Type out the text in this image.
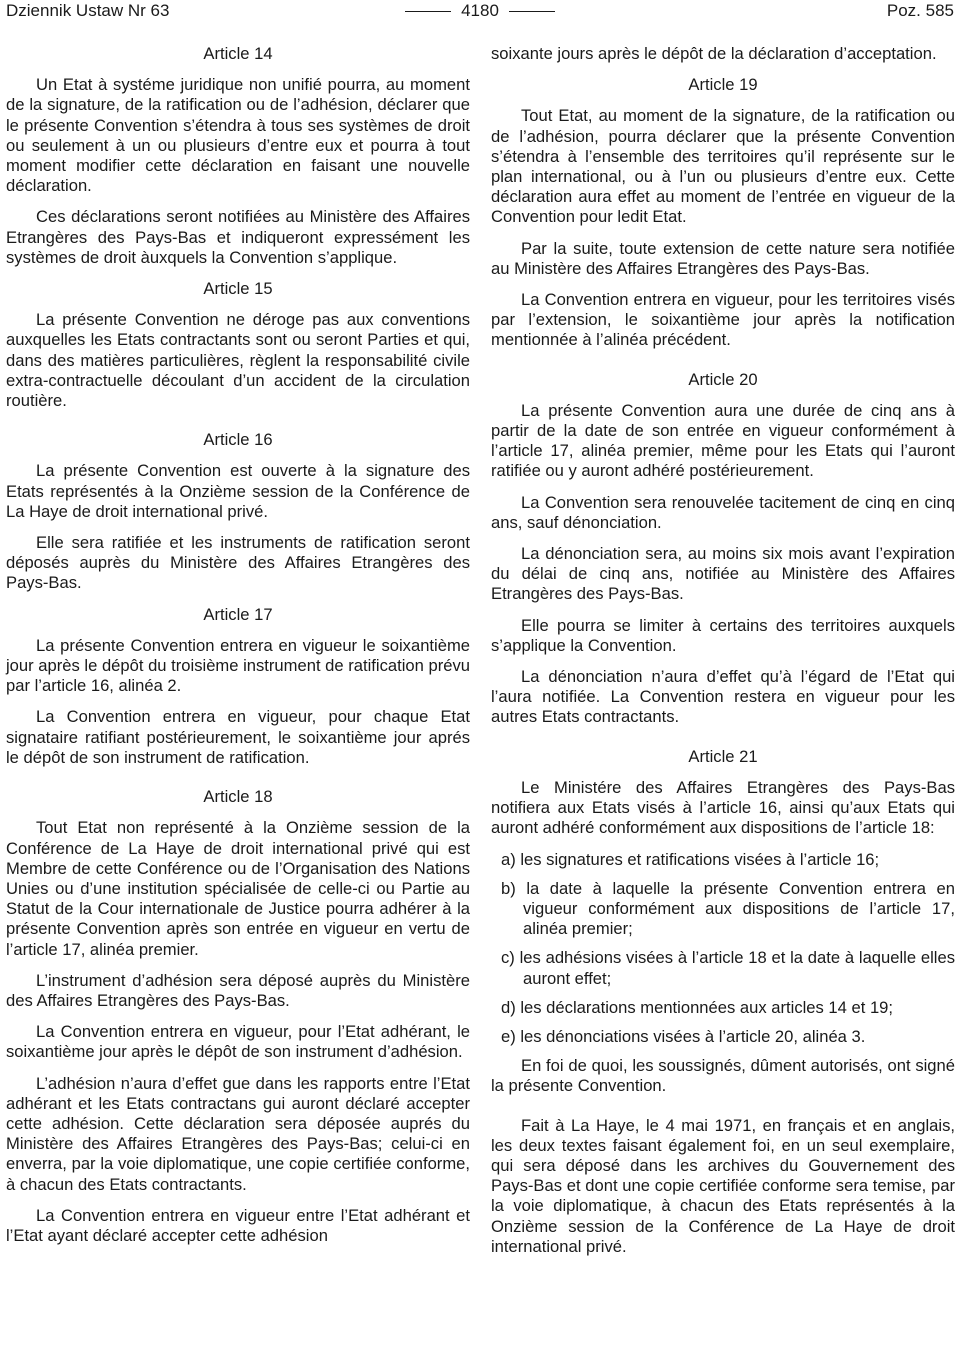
Dziennik Ustaw Nr 63	4180	Poz. 585
Article 14

Un Etat à systéme juridique non unifié pourra, au moment de la signature, de la ratification ou de l’adhésion, déclarer que le présente Convention s’étendra à tous ses systèmes de droit ou seulement à un ou plusieurs d’entre eux et pourra à tout moment modifier cette déclaration en faisant une nouvelle déclaration.

Ces déclarations seront notifiées au Ministère des Affaires Etrangères des Pays-Bas et indiqueront expressément les systèmes de droit àuxquels la Convention s’applique.

Article 15

La présente Convention ne déroge pas aux conventions auxquelles les Etats contractants sont ou seront Parties et qui, dans des matières particulières, règlent la responsabilité civile extra-contractuelle découlant d’un accident de la circulation routière.

Article 16

La présente Convention est ouverte à la signature des Etats représentés à la Onzième session de la Conférence de La Haye de droit international privé.

Elle sera ratifiée et les instruments de ratification seront déposés auprès du Ministère des Affaires Etrangères des Pays-Bas.

Article 17

La présente Convention entrera en vigueur le soixantième jour après le dépôt du troisième instrument de ratification prévu par l’article 16, alinéa 2.

La Convention entrera en vigueur, pour chaque Etat signataire ratifiant postérieurement, le soixantième jour aprés le dépôt de son instrument de ratification.

Article 18

Tout Etat non représenté à la Onzième session de la Conférence de La Haye de droit international privé qui est Membre de cette Conférence ou de l’Organisation des Nations Unies ou d’une institution spécialisée de celle-ci ou Partie au Statut de la Cour internationale de Justice pourra adhérer à la présente Convention après son entrée en vigueur en vertu de l’article 17, alinéa premier.

L’instrument d’adhésion sera déposé auprès du Ministère des Affaires Etrangères des Pays-Bas.

La Convention entrera en vigueur, pour l’Etat adhérant, le soixantième jour après le dépôt de son instrument d’adhésion.

L’adhésion n’aura d’effet gue dans les rapports entre l’Etat adhérant et les Etats contractans gui auront déclaré accepter cette adhésion. Cette déclaration sera déposée auprés du Ministère des Affaires Etrangères des Pays-Bas; celui-ci en enverra, par la voie diplomatique, une copie certifiée conforme, à chacun des Etats contractants.

La Convention entrera en vigueur entre l’Etat adhérant et l’Etat ayant déclaré accepter cette adhésion

soixante jours après le dépôt de la déclaration d’acceptation.

Article 19

Tout Etat, au moment de la signature, de la ratification ou de l’adhésion, pourra déclarer que la présente Convention s’étendra à l’ensemble des territoires qu’il représente sur le plan international, ou à l’un ou plusieurs d’entre eux. Cette déclaration aura effet au moment de l’entrée en vigueur de la Convention pour ledit Etat.

Par la suite, toute extension de cette nature sera notifiée au Ministère des Affaires Etrangères des Pays-Bas.

La Convention entrera en vigueur, pour les territoires visés par l’extension, le soixantième jour après la notification mentionnée à l’alinéa précédent.

Article 20

La présente Convention aura une durée de cinq ans à partir de la date de son entrée en vigueur conformément à l’article 17, alinéa premier, même pour les Etats qui l’auront ratifiée ou y auront adhéré postérieurement.

La Convention sera renouvelée tacitement de cinq en cinq ans, sauf dénonciation.

La dénonciation sera, au moins six mois avant l’expiration du délai de cinq ans, notifiée au Ministère des Affaires Etrangères des Pays-Bas.

Elle pourra se limiter à certains des territoires auxquels s’applique la Convention.

La dénonciation n’aura d’effet qu’à l’égard de l’Etat qui l’aura notifiée. La Convention restera en vigueur pour les autres Etats contractants.

Article 21

Le Ministére des Affaires Etrangères des Pays-Bas notifiera aux Etats visés à l’article 16, ainsi qu’aux Etats qui auront adhéré conformément aux dispositions de l’article 18:

a) les signatures et ratifications visées à l’article 16;
b) la date à laquelle la présente Convention entrera en vigueur conformément aux dispositions de l’article 17, alinéa premier;
c) les adhésions visées à l’article 18 et la date à laquelle elles auront effet;
d) les déclarations mentionnées aux articles 14 et 19;
e) les dénonciations visées à l’article 20, alinéa 3.

En foi de quoi, les soussignés, dûment autorisés, ont signé la présente Convention.

Fait à La Haye, le 4 mai 1971, en français et en anglais, les deux textes faisant également foi, en un seul exemplaire, qui sera déposé dans les archives du Gouvernement des Pays-Bas et dont une copie certifiée conforme sera temise, par la voie diplomatique, à chacun des Etats représentés à la Onzième session de la Conférence de La Haye de droit international privé.
